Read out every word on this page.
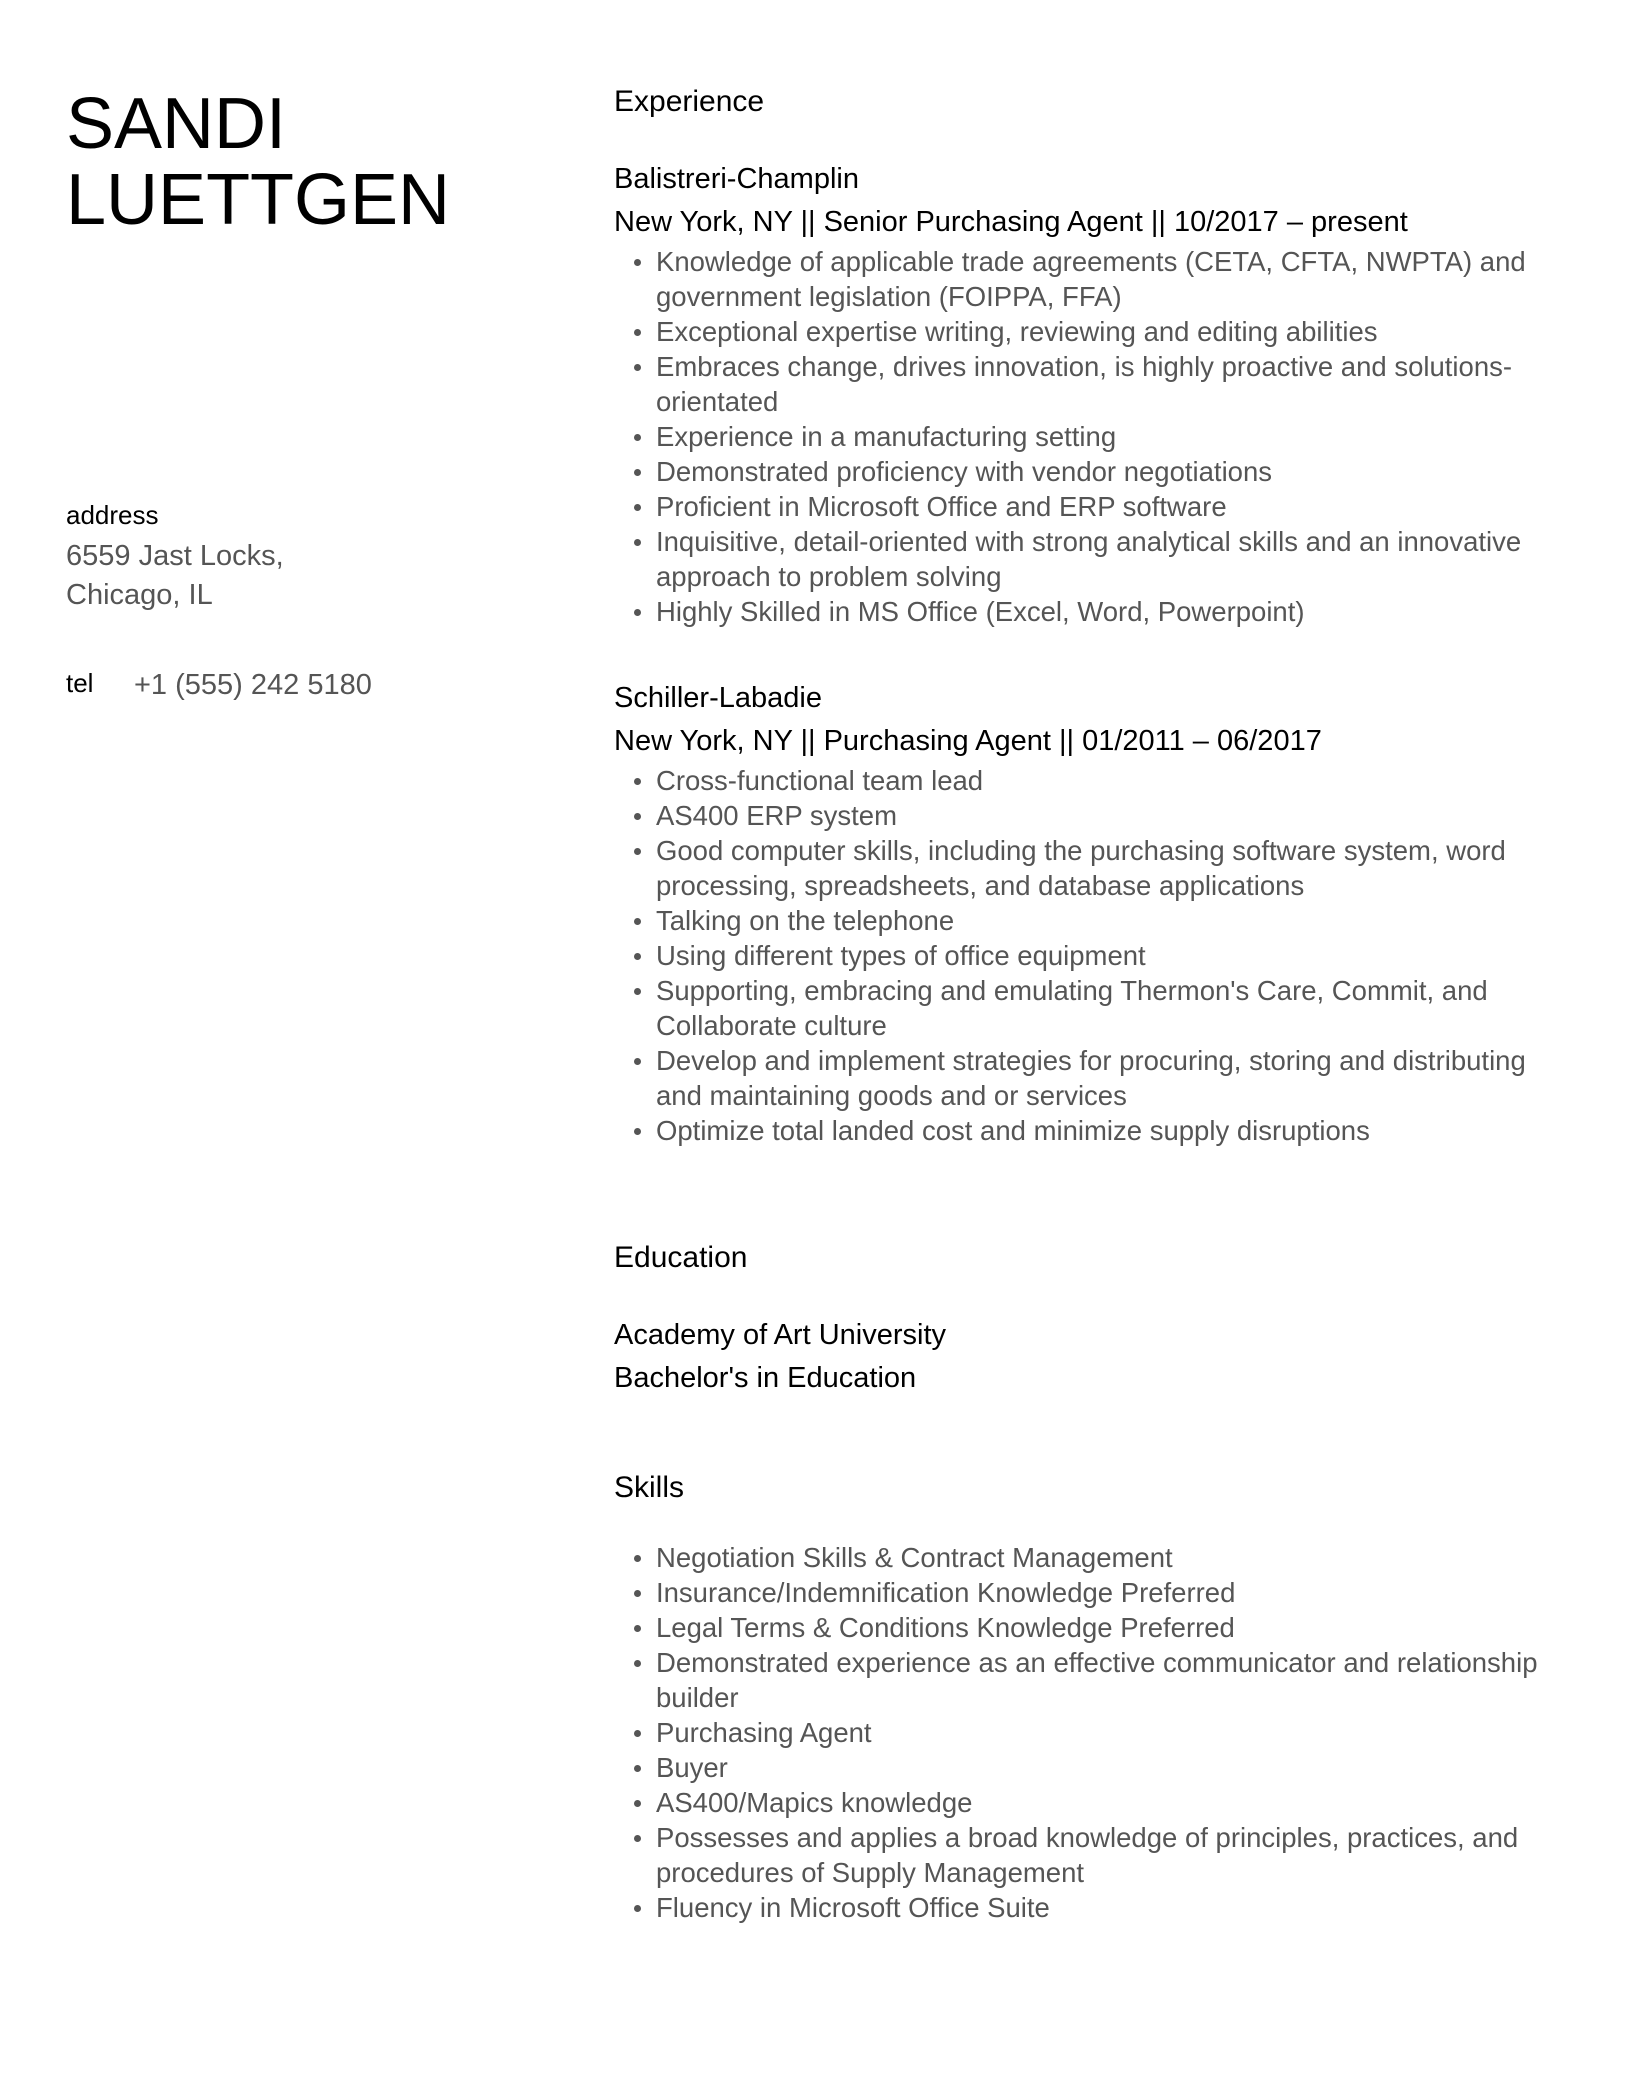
SANDI
LUETTGEN
address
6559 Jast Locks,
Chicago, IL
tel +1 (555) 242 5180
Experience
Balistreri-Champlin
New York, NY || Senior Purchasing Agent || 10/2017 – present
Knowledge of applicable trade agreements (CETA, CFTA, NWPTA) and government legislation (FOIPPA, FFA)
Exceptional expertise writing, reviewing and editing abilities
Embraces change, drives innovation, is highly proactive and solutions-orientated
Experience in a manufacturing setting
Demonstrated proficiency with vendor negotiations
Proficient in Microsoft Office and ERP software
Inquisitive, detail-oriented with strong analytical skills and an innovative approach to problem solving
Highly Skilled in MS Office (Excel, Word, Powerpoint)
Schiller-Labadie
New York, NY || Purchasing Agent || 01/2011 – 06/2017
Cross-functional team lead
AS400 ERP system
Good computer skills, including the purchasing software system, word processing, spreadsheets, and database applications
Talking on the telephone
Using different types of office equipment
Supporting, embracing and emulating Thermon's Care, Commit, and Collaborate culture
Develop and implement strategies for procuring, storing and distributing and maintaining goods and or services
Optimize total landed cost and minimize supply disruptions
Education
Academy of Art University
Bachelor's in Education
Skills
Negotiation Skills & Contract Management
Insurance/Indemnification Knowledge Preferred
Legal Terms & Conditions Knowledge Preferred
Demonstrated experience as an effective communicator and relationship builder
Purchasing Agent
Buyer
AS400/Mapics knowledge
Possesses and applies a broad knowledge of principles, practices, and procedures of Supply Management
Fluency in Microsoft Office Suite
